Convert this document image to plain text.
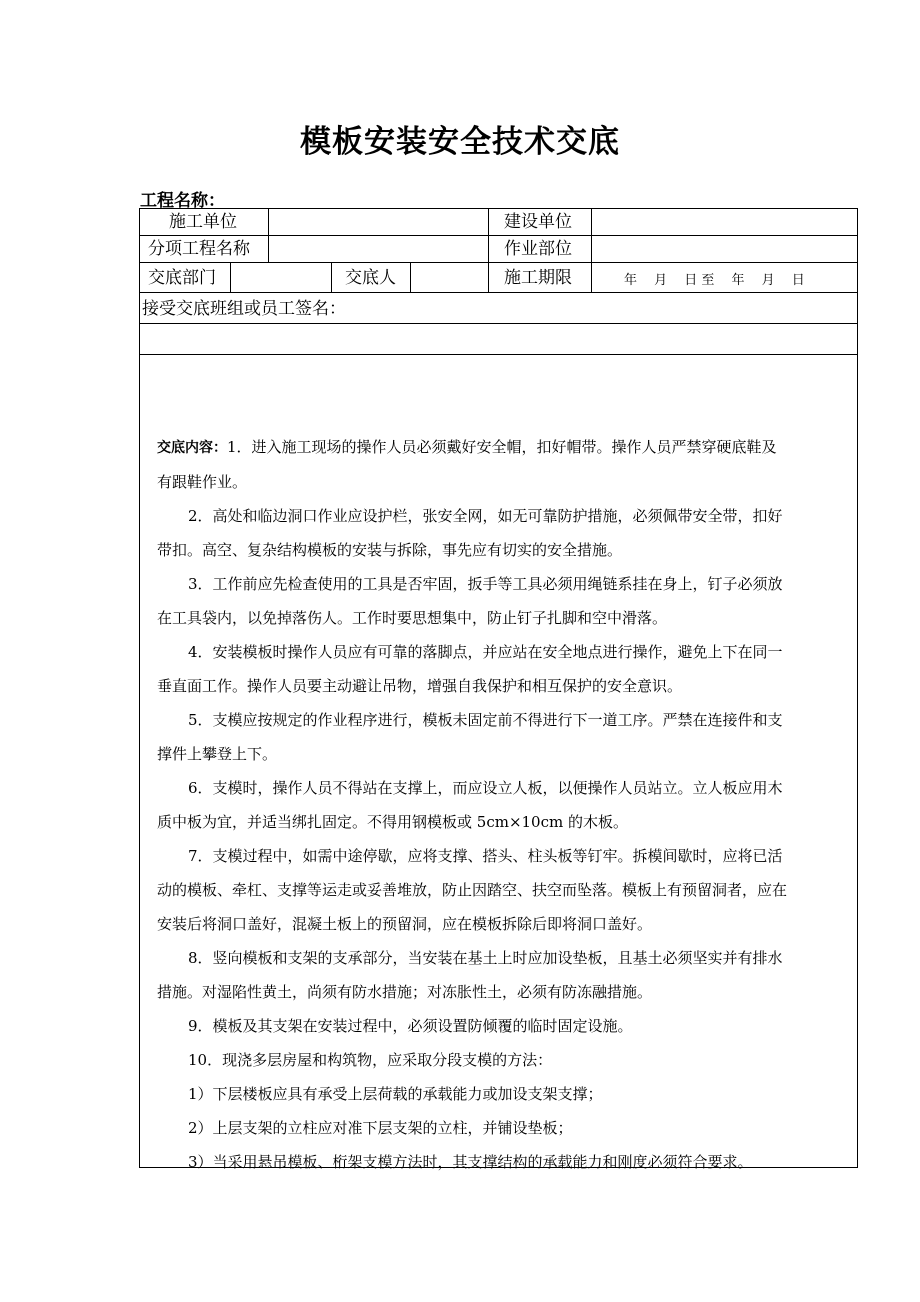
模板安装安全技术交底
工程名称：
施工单位	建设单位
分项工程名称	作业部位
交底部门	交底人	施工期限	年　 月　 日 至　 年　 月　 日
接受交底班组或员工签名：

交底内容：1．进入施工现场的操作人员必须戴好安全帽，扣好帽带。操作人员严禁穿硬底鞋及

有跟鞋作业。

2．高处和临边洞口作业应设护栏，张安全网，如无可靠防护措施，必须佩带安全带，扣好

带扣。高空、复杂结构模板的安装与拆除，事先应有切实的安全措施。

3．工作前应先检查使用的工具是否牢固，扳手等工具必须用绳链系挂在身上，钉子必须放

在工具袋内，以免掉落伤人。工作时要思想集中，防止钉子扎脚和空中滑落。

4．安装模板时操作人员应有可靠的落脚点，并应站在安全地点进行操作，避免上下在同一

垂直面工作。操作人员要主动避让吊物，增强自我保护和相互保护的安全意识。

5．支模应按规定的作业程序进行，模板未固定前不得进行下一道工序。严禁在连接件和支

撑件上攀登上下。

6．支模时，操作人员不得站在支撑上，而应设立人板，以便操作人员站立。立人板应用木

质中板为宜，并适当绑扎固定。不得用钢模板或 5cm×10cm 的木板。

7．支模过程中，如需中途停歇，应将支撑、搭头、柱头板等钉牢。拆模间歇时，应将已活

动的模板、牵杠、支撑等运走或妥善堆放，防止因踏空、扶空而坠落。模板上有预留洞者，应在

安装后将洞口盖好，混凝土板上的预留洞，应在模板拆除后即将洞口盖好。

8．竖向模板和支架的支承部分，当安装在基土上时应加设垫板，且基土必须坚实并有排水

措施。对湿陷性黄土，尚须有防水措施；对冻胀性土，必须有防冻融措施。

9．模板及其支架在安装过程中，必须设置防倾覆的临时固定设施。

10．现浇多层房屋和构筑物，应采取分段支模的方法：

1）下层楼板应具有承受上层荷载的承载能力或加设支架支撑；

2）上层支架的立柱应对准下层支架的立柱，并铺设垫板；

3）当采用悬吊模板、桁架支模方法时，其支撑结构的承载能力和刚度必须符合要求。
